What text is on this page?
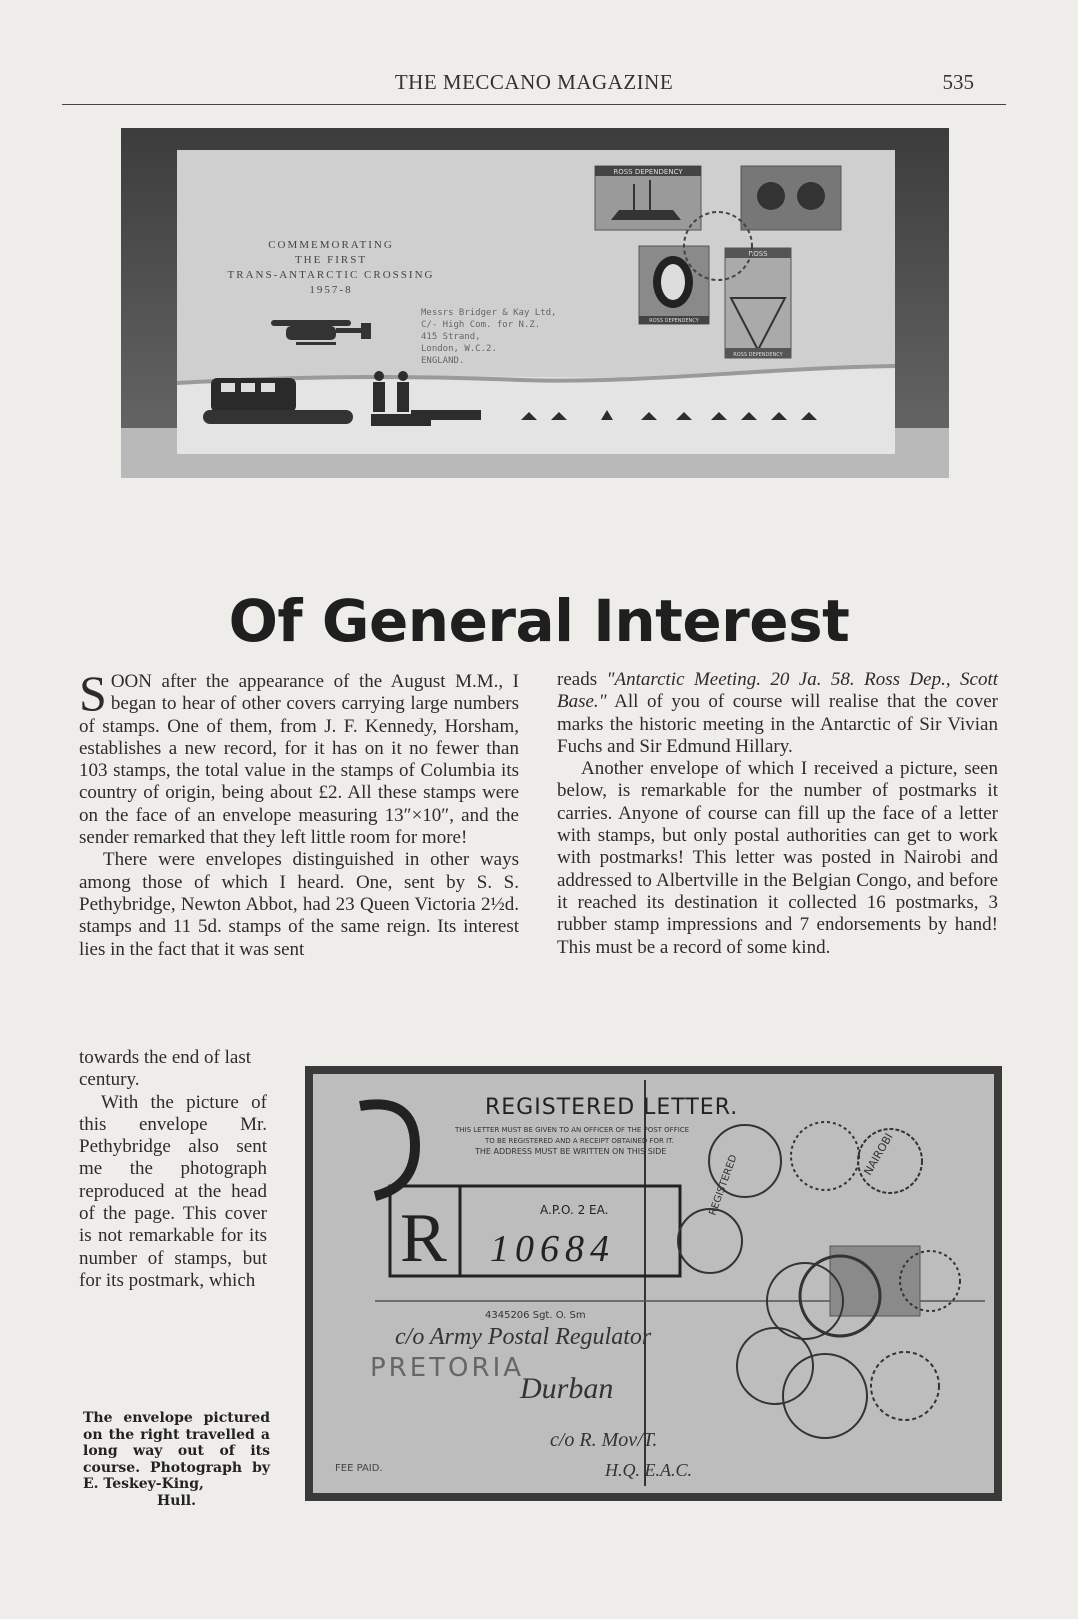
THE MECCANO MAGAZINE	535
COMMEMORATING
THE FIRST
TRANS-ANTARCTIC CROSSING
1957-8
Messrs Bridger & Kay Ltd,
C/- High Com. for N.Z.
415 Strand,
London, W.C.2.
ENGLAND.
ROSS DEPENDENCY
ROSS DEPENDENCY
ROSS
ROSS DEPENDENCY
Of General Interest

SOON after the appearance of the August M.M., I began to hear of other covers carrying large numbers of stamps. One of them, from J. F. Kennedy, Horsham, establishes a new record, for it has on it no fewer than 103 stamps, the total value in the stamps of Columbia its country of origin, being about £2. All these stamps were on the face of an envelope measuring 13″×10″, and the sender remarked that they left little room for more!

There were envelopes distinguished in other ways among those of which I heard. One, sent by S. S. Pethybridge, Newton Abbot, had 23 Queen Victoria 2½d. stamps and 11 5d. stamps of the same reign. Its interest lies in the fact that it was sent

towards the end of last century.

With the picture of this envelope Mr. Pethybridge also sent me the photograph reproduced at the head of the page. This cover is not remarkable for its number of stamps, but for its postmark, which

The envelope pictured on the right travelled a long way out of its course. Photograph by E. Teskey-King,
Hull.

reads "Antarctic Meeting. 20 Ja. 58. Ross Dep., Scott Base." All of you of course will realise that the cover marks the historic meeting in the Antarctic of Sir Vivian Fuchs and Sir Edmund Hillary.

Another envelope of which I received a picture, seen below, is remarkable for the number of postmarks it carries. Anyone of course can fill up the face of a letter with stamps, but only postal authorities can get to work with postmarks! This letter was posted in Nairobi and addressed to Albertville in the Belgian Congo, and before it reached its destination it collected 16 postmarks, 3 rubber stamp impressions and 7 endorsements by hand! This must be a record of some kind.

REGISTERED LETTER.
THIS LETTER MUST BE GIVEN TO AN OFFICER OF THE POST OFFICE
TO BE REGISTERED AND A RECEIPT OBTAINED FOR IT.
THE ADDRESS MUST BE WRITTEN ON THIS SIDE
R	A.P.O. 2 EA.
10684
4345206 Sgt. O. Sm
c/o Army Postal Regulator
PRETORIA
Durban
c/o R. Mov/T.
H.Q. E.A.C.
FEE PAID.
NAIROBI
REGISTERED
